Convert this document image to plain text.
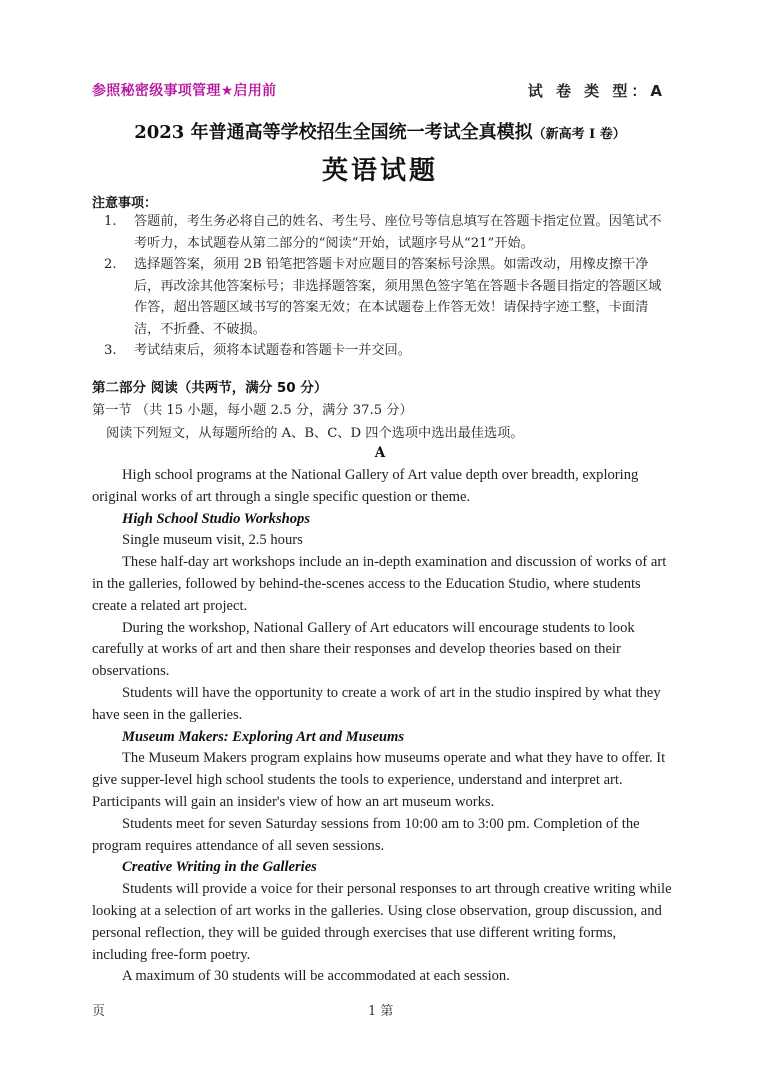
参照秘密级事项管理★启用前	试 卷 类 型：A
2023 年普通高等学校招生全国统一考试全真模拟（新高考 I 卷）
英语试题
注意事项：
1. 答题前，考生务必将自己的姓名、考生号、座位号等信息填写在答题卡指定位置。因笔试不考听力，本试题卷从第二部分的“阅读”开始，试题序号从“21”开始。
2. 选择题答案，须用 2B 铅笔把答题卡对应题目的答案标号涂黑。如需改动，用橡皮擦干净后，再改涂其他答案标号；非选择题答案，须用黑色签字笔在答题卡各题目指定的答题区域作答，超出答题区域书写的答案无效；在本试题卷上作答无效！请保持字迹工整，卡面清洁，不折叠、不破损。
3. 考试结束后，须将本试题卷和答题卡一并交回。
第二部分 阅读（共两节，满分 50 分）
第一节 （共 15 小题，每小题 2.5 分，满分 37.5 分）
阅读下列短文，从每题所给的 A、B、C、D 四个选项中选出最佳选项。
A

High school programs at the National Gallery of Art value depth over breadth, exploring original works of art through a single specific question or theme.

High School Studio Workshops

Single museum visit, 2.5 hours

These half-day art workshops include an in-depth examination and discussion of works of art in the galleries, followed by behind-the-scenes access to the Education Studio, where students create a related art project.

During the workshop, National Gallery of Art educators will encourage students to look carefully at works of art and then share their responses and develop theories based on their observations.

Students will have the opportunity to create a work of art in the studio inspired by what they have seen in the galleries.

Museum Makers: Exploring Art and Museums

The Museum Makers program explains how museums operate and what they have to offer. It give supper-level high school students the tools to experience, understand and interpret art. Participants will gain an insider's view of how an art museum works.

Students meet for seven Saturday sessions from 10:00 am to 3:00 pm. Completion of the program requires attendance of all seven sessions.

Creative Writing in the Galleries

Students will provide a voice for their personal responses to art through creative writing while looking at a selection of art works in the galleries. Using close observation, group discussion, and personal reflection, they will be guided through exercises that use different writing forms, including free-form poetry.

A maximum of 30 students will be accommodated at each session.

页	1 第
